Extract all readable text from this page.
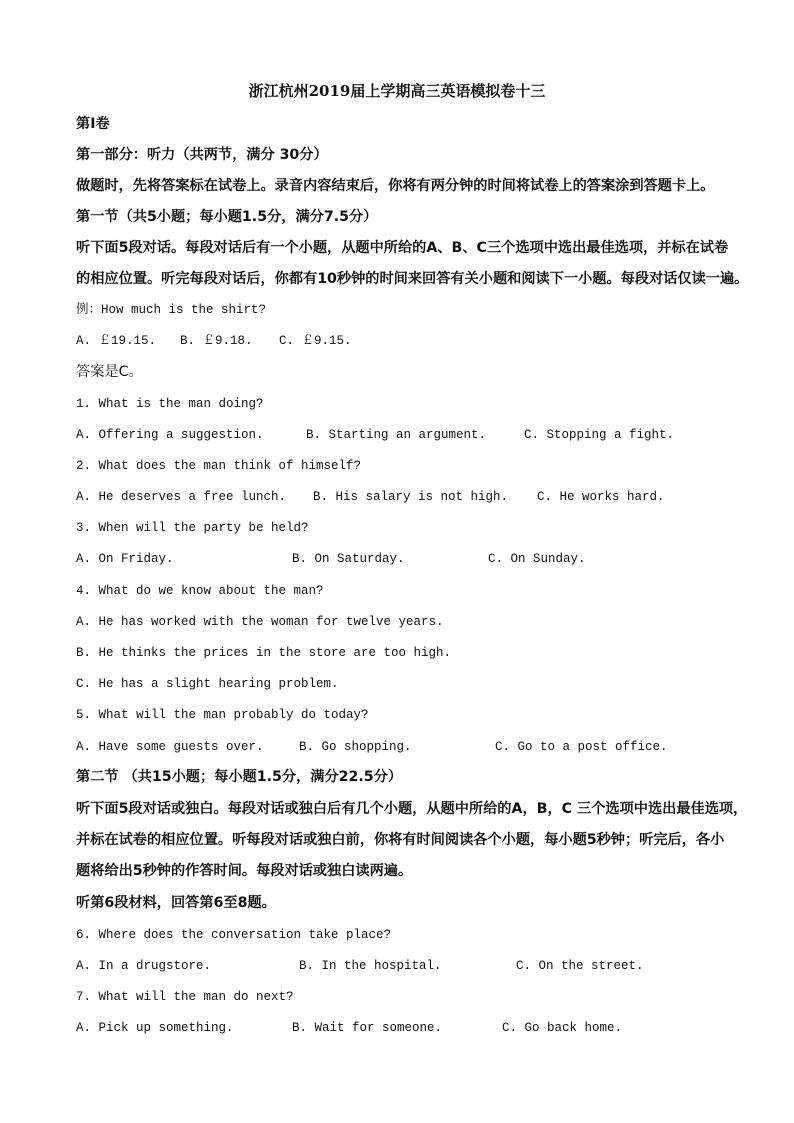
浙江杭州2019届上学期高三英语模拟卷十三
第I卷
第一部分：听力（共两节，满分 30分）
做题时，先将答案标在试卷上。录音内容结束后，你将有两分钟的时间将试卷上的答案涂到答题卡上。
第一节（共5小题；每小题1.5分，满分7.5分）
听下面5段对话。每段对话后有一个小题，从题中所给的A、B、C三个选项中选出最佳选项，并标在试卷
的相应位置。听完每段对话后，你都有10秒钟的时间来回答有关小题和阅读下一小题。每段对话仅读一遍。
例：How much is the shirt?
A. ￡19.15. B. ￡9.18. C. ￡9.15.
答案是C。
1. What is the man doing?
A. Offering a suggestion.	B. Starting an argument.	C. Stopping a fight.
2. What does the man think of himself?
A. He deserves a free lunch. B. His salary is not high. C. He works hard.
3. When will the party be held?
A. On Friday.	B. On Saturday.	C. On Sunday.
4. What do we know about the man?
A. He has worked with the woman for twelve years.
B. He thinks the prices in the store are too high.
C. He has a slight hearing problem.
5. What will the man probably do today?
A. Have some guests over.	B. Go shopping.	C. Go to a post office.
第二节 （共15小题；每小题1.5分，满分22.5分）
听下面5段对话或独白。每段对话或独白后有几个小题，从题中所给的A，B，C 三个选项中选出最佳选项，
并标在试卷的相应位置。听每段对话或独白前，你将有时间阅读各个小题，每小题5秒钟；听完后，各小
题将给出5秒钟的作答时间。每段对话或独白读两遍。
听第6段材料，回答第6至8题。
6. Where does the conversation take place?
A. In a drugstore.	B. In the hospital.	C. On the street.
7. What will the man do next?
A. Pick up something.	B. Wait for someone.	C. Go back home.
